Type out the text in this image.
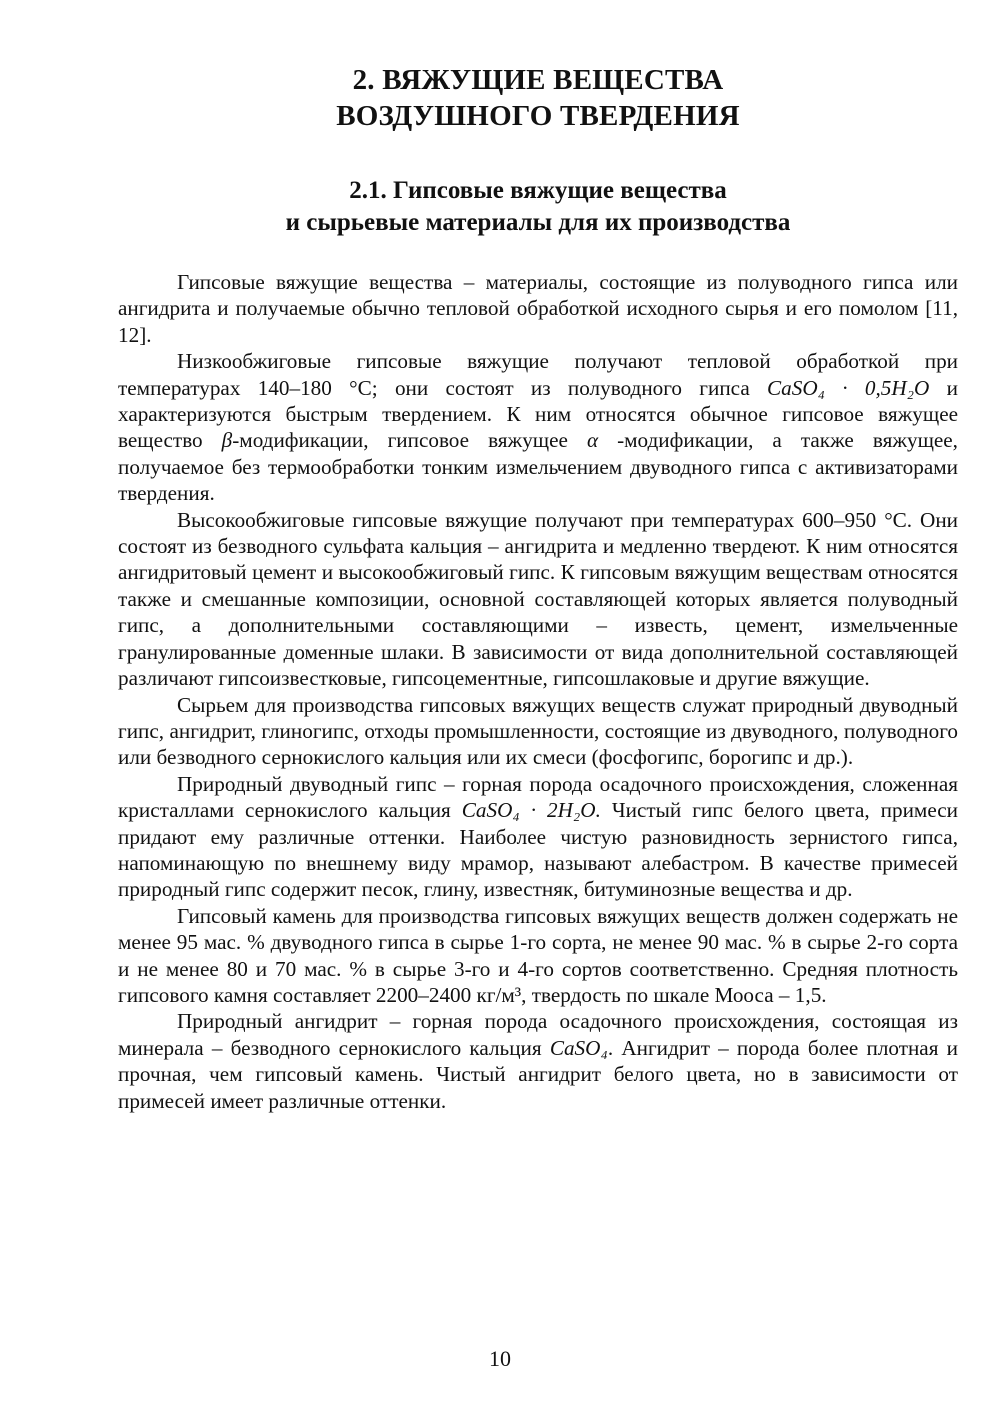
2. ВЯЖУЩИЕ ВЕЩЕСТВА
ВОЗДУШНОГО ТВЕРДЕНИЯ
2.1. Гипсовые вяжущие вещества
и сырьевые материалы для их производства

Гипсовые вяжущие вещества – материалы, состоящие из полуводного гипса или ангидрита и получаемые обычно тепловой обработкой исходного сырья и его помолом [11, 12].

Низкообжиговые гипсовые вяжущие получают тепловой обработкой при температурах 140–180 °С; они состоят из полуводного гипса CaSO₄ · 0,5H₂O и характеризуются быстрым твердением. К ним относятся обычное гипсовое вяжущее вещество β-модификации, гипсовое вяжущее α -модификации, а также вяжущее, получаемое без термообработки тонким измельчением двуводного гипса с активизаторами твердения.

Высокообжиговые гипсовые вяжущие получают при температурах 600–950 °С. Они состоят из безводного сульфата кальция – ангидрита и медленно твердеют. К ним относятся ангидритовый цемент и высокообжиговый гипс. К гипсовым вяжущим веществам относятся также и смешанные композиции, основной составляющей которых является полуводный гипс, а дополнительными составляющими – известь, цемент, измельченные гранулированные доменные шлаки. В зависимости от вида дополнительной составляющей различают гипсоизвестковые, гипсоцементные, гипсошлаковые и другие вяжущие.

Сырьем для производства гипсовых вяжущих веществ служат природный двуводный гипс, ангидрит, глиногипс, отходы промышленности, состоящие из двуводного, полуводного или безводного сернокислого кальция или их смеси (фосфогипс, борогипс и др.).

Природный двуводный гипс – горная порода осадочного происхождения, сложенная кристаллами сернокислого кальция CaSO₄ · 2H₂O. Чистый гипс белого цвета, примеси придают ему различные оттенки. Наиболее чистую разновидность зернистого гипса, напоминающую по внешнему виду мрамор, называют алебастром. В качестве примесей природный гипс содержит песок, глину, известняк, битуминозные вещества и др.

Гипсовый камень для производства гипсовых вяжущих веществ должен содержать не менее 95 мас. % двуводного гипса в сырье 1-го сорта, не менее 90 мас. % в сырье 2-го сорта и не менее 80 и 70 мас. % в сырье 3-го и 4-го сортов соответственно. Средняя плотность гипсового камня составляет 2200–2400 кг/м³, твердость по шкале Мооса – 1,5.

Природный ангидрит – горная порода осадочного происхождения, состоящая из минерала – безводного сернокислого кальция CaSO₄. Ангидрит – порода более плотная и прочная, чем гипсовый камень. Чистый ангидрит белого цвета, но в зависимости от примесей имеет различные оттенки.

10
